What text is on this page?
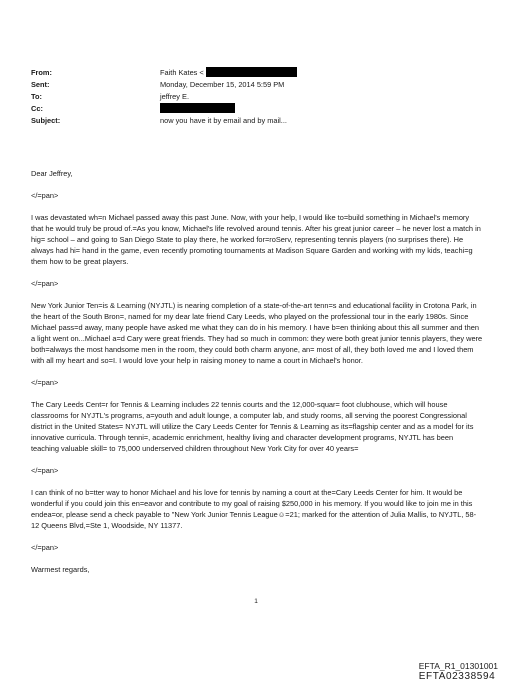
From:	Faith Kates <
Sent:	Monday, December 15, 2014 5:59 PM
To:	jeffrey E.
Cc:
Subject:	now you have it by email and by mail...

Dear Jeffrey,

</=pan>

I was devastated wh=n Michael passed away this past June. Now, with your help, I would like to=build something in Michael's memory that he would truly be proud of.=As you know, Michael's life revolved around tennis. After his great junior career – he never lost a match in hig= school – and going to San Diego State to play there, he worked for=roServ, representing tennis players (no surprises there). He always had hi= hand in the game, even recently promoting tournaments at Madison Square Garden and working with my kids, teachi=g them how to be great players.

</=pan>

New York Junior Ten=is & Learning (NYJTL) is nearing completion of a state-of-the-art tenn=s and educational facility in Crotona Park, in the heart of the South Bron=, named for my dear late friend Cary Leeds, who played on the professional tour in the early 1980s. Since Michael pass=d away, many people have asked me what they can do in his memory. I have b=en thinking about this all summer and then a light went on...Michael a=d Cary were great friends. They had so much in common: they were both great junior tennis players, they were both=always the most handsome men in the room, they could both charm anyone, an= most of all, they both loved me and I loved them with all my heart and so=I. I would love your help in raising money to name a court in Michael's honor.

</=pan>

The Cary Leeds Cent=r for Tennis & Learning includes 22 tennis courts and the 12,000-squar= foot clubhouse, which will house classrooms for NYJTL's programs, a=youth and adult lounge, a computer lab, and study rooms, all serving the poorest Congressional district in the United States= NYJTL will utilize the Cary Leeds Center for Tennis & Learning as its=flagship center and as a model for its innovative curricula. Through tenni=, academic enrichment, healthy living and character development programs, NYJTL has been teaching valuable skill= to 75,000 underserved children throughout New York City for over 40 years=

</=pan>

I can think of no b=tter way to honor Michael and his love for tennis by naming a court at the=Cary Leeds Center for him. It would be wonderful if you could join this en=eavor and contribute to my goal of raising $250,000 in his memory. If you would like to join me in this endea=or, please send a check payable to "New York Junior Tennis League☺=21; marked for the attention of Julia Mallis, to NYJTL, 58-12 Queens Blvd,=Ste 1, Woodside, NY 11377.

</=pan>

Warmest regards,

1
EFTA_R1_01301001
EFTA02338594
